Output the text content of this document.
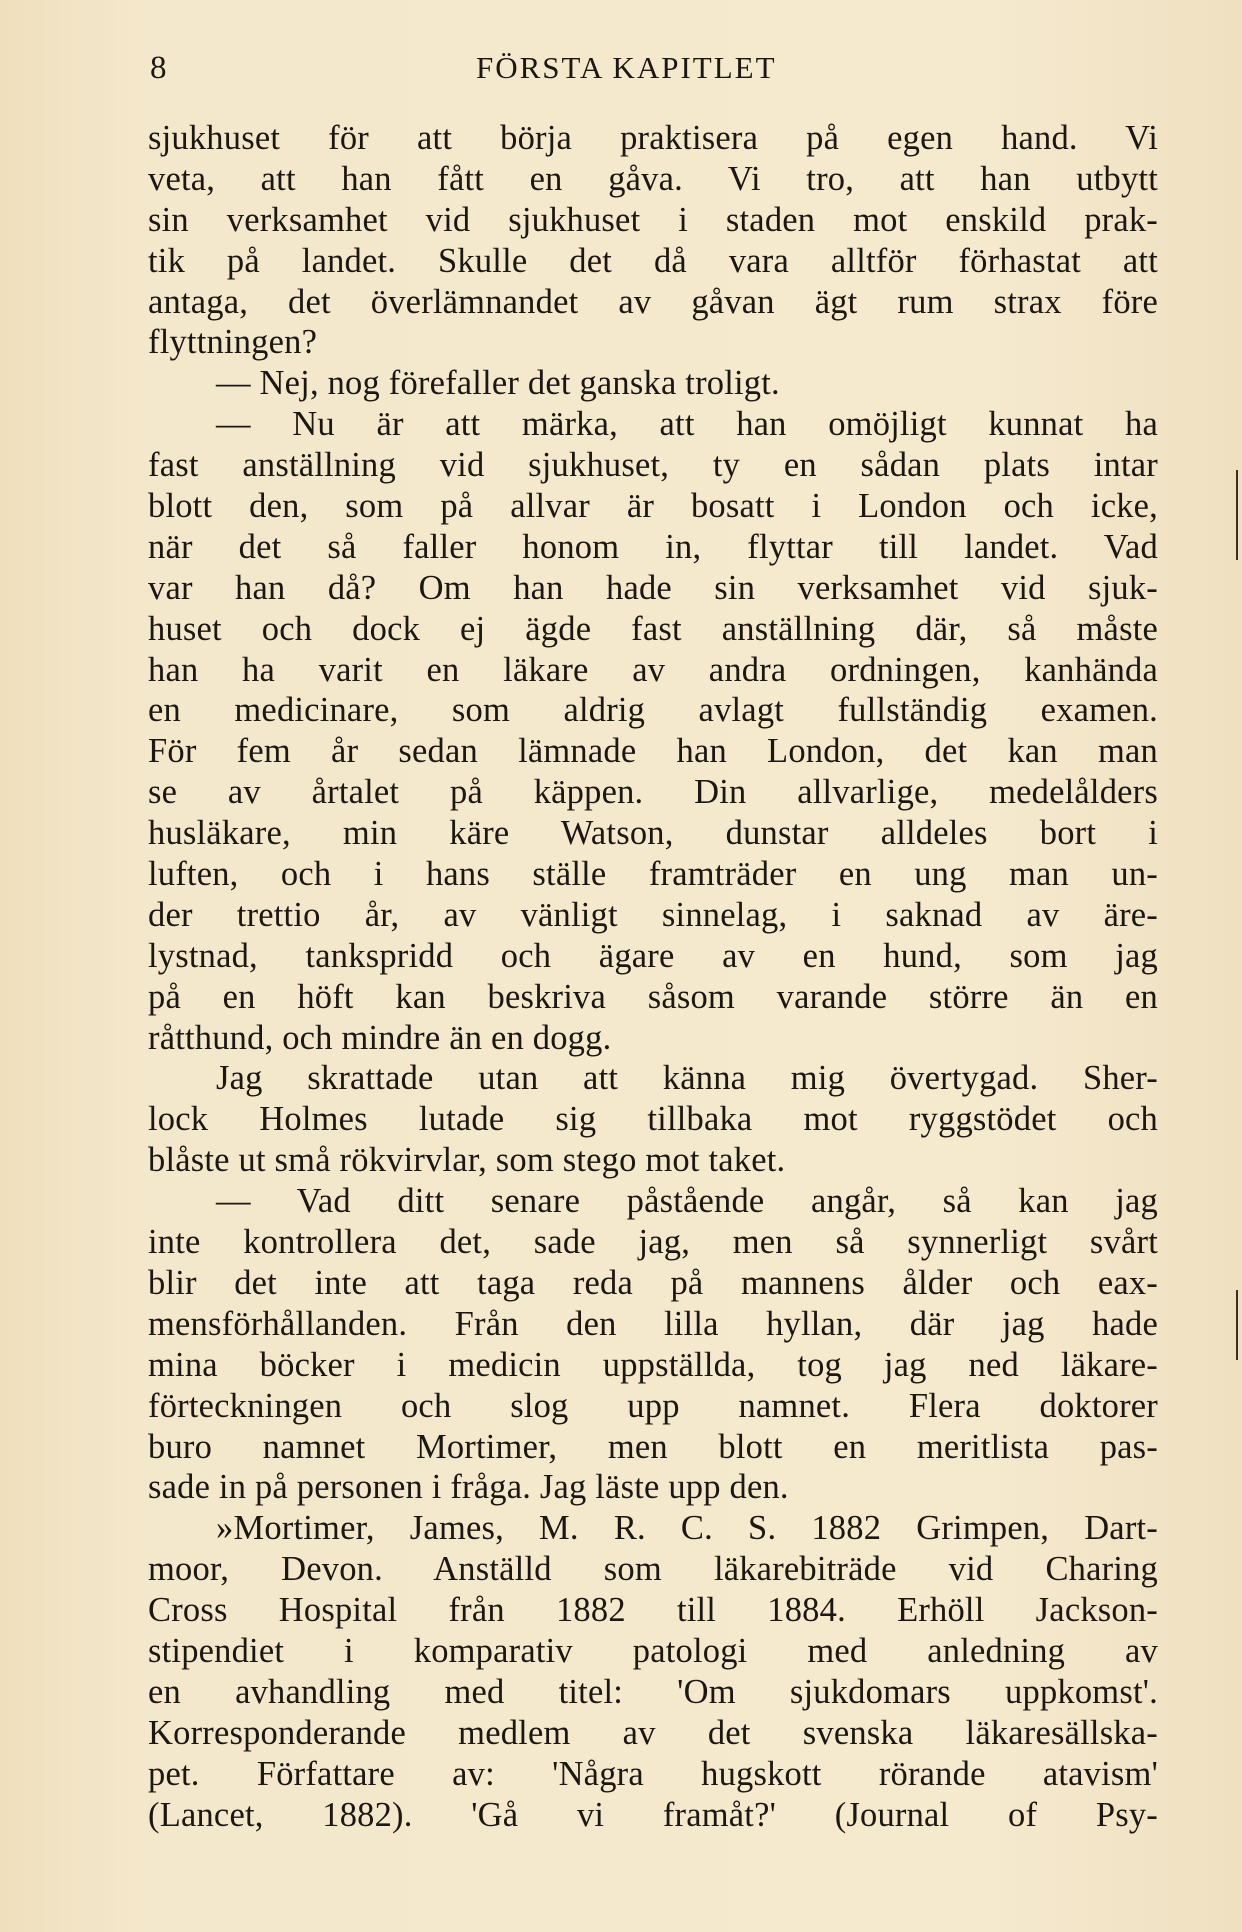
8	FÖRSTA KAPITLET
sjukhuset för att börja praktisera på egen hand. Vi
veta, att han fått en gåva. Vi tro, att han utbytt
sin verksamhet vid sjukhuset i staden mot enskild prak-
tik på landet. Skulle det då vara alltför förhastat att
antaga, det överlämnandet av gåvan ägt rum strax före
flyttningen?
— Nej, nog förefaller det ganska troligt.
— Nu är att märka, att han omöjligt kunnat ha
fast anställning vid sjukhuset, ty en sådan plats intar
blott den, som på allvar är bosatt i London och icke,
när det så faller honom in, flyttar till landet. Vad
var han då? Om han hade sin verksamhet vid sjuk-
huset och dock ej ägde fast anställning där, så måste
han ha varit en läkare av andra ordningen, kanhända
en medicinare, som aldrig avlagt fullständig examen.
För fem år sedan lämnade han London, det kan man
se av årtalet på käppen. Din allvarlige, medelålders
husläkare, min käre Watson, dunstar alldeles bort i
luften, och i hans ställe framträder en ung man un-
der trettio år, av vänligt sinnelag, i saknad av äre-
lystnad, tankspridd och ägare av en hund, som jag
på en höft kan beskriva såsom varande större än en
råtthund, och mindre än en dogg.
Jag skrattade utan att känna mig övertygad. Sher-
lock Holmes lutade sig tillbaka mot ryggstödet och
blåste ut små rökvirvlar, som stego mot taket.
— Vad ditt senare påstående angår, så kan jag
inte kontrollera det, sade jag, men så synnerligt svårt
blir det inte att taga reda på mannens ålder och eax-
mensförhållanden. Från den lilla hyllan, där jag hade
mina böcker i medicin uppställda, tog jag ned läkare-
förteckningen och slog upp namnet. Flera doktorer
buro namnet Mortimer, men blott en meritlista pas-
sade in på personen i fråga. Jag läste upp den.
»Mortimer, James, M. R. C. S. 1882 Grimpen, Dart-
moor, Devon. Anställd som läkarebiträde vid Charing
Cross Hospital från 1882 till 1884. Erhöll Jackson-
stipendiet i komparativ patologi med anledning av
en avhandling med titel: 'Om sjukdomars uppkomst'.
Korresponderande medlem av det svenska läkaresällska-
pet. Författare av: 'Några hugskott rörande atavism'
(Lancet, 1882). 'Gå vi framåt?' (Journal of Psy-
